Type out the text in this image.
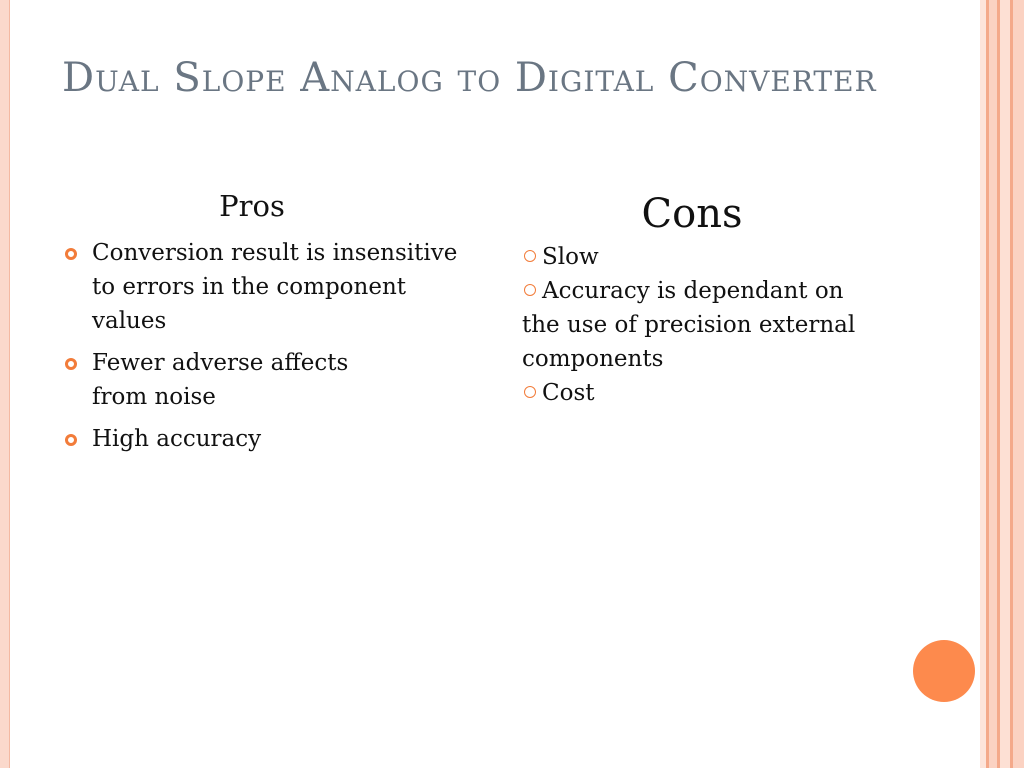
Dual Slope Analog to Digital Converter
Pros
Conversion result is insensitive to errors in the component values
Fewer adverse affects from noise
High accuracy
Cons
Slow
Accuracy is dependant on the use of precision external components
Cost
